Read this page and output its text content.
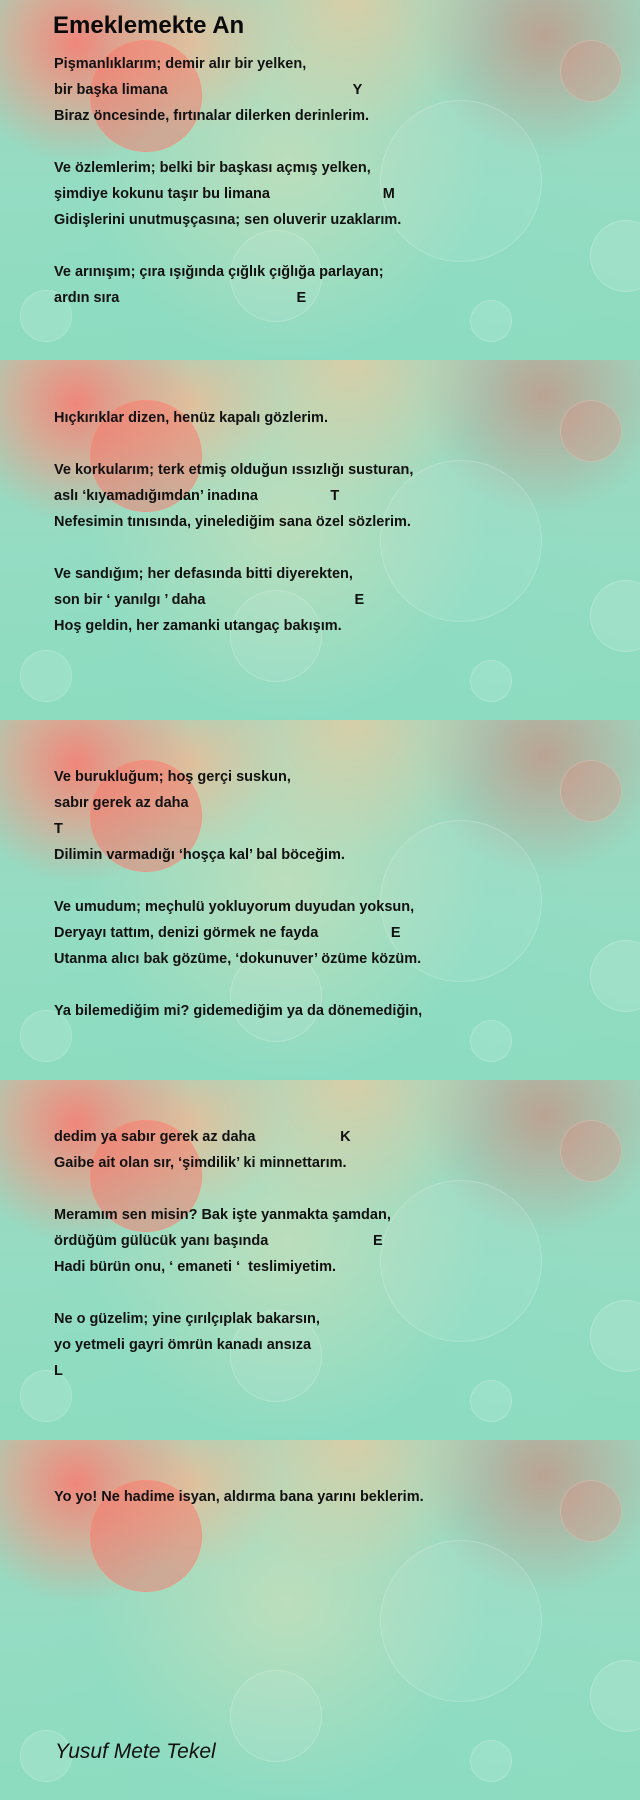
Emeklemekte An
Pişmanlıklarım; demir alır bir yelken,
bir başka limana                                              Y
Biraz öncesinde, fırtınalar dilerken derinlerim.
Ve özlemlerim; belki bir başkası açmış yelken,
şimdiye kokunu taşır bu limana                            M
Gidişlerini unutmuşçasına; sen oluverir uzaklarım.
Ve arınışım; çıra ışığında çığlık çığlığa parlayan;
ardın sıra                                            E
Hıçkırıklar dizen, henüz kapalı gözlerim.
Ve korkularım; terk etmiş olduğun ıssızlığı susturan,
aslı ‘kıyamadığımdan’ inadına                  T
Nefesimin tınısında, yinelediğim sana özel sözlerim.
Ve sandığım; her defasında bitti diyerekten,
son bir ‘ yanılgı ’ daha                                     E
Hoş geldin, her zamanki utangaç bakışım.
Ve burukluğum; hoş gerçi suskun,
sabır gerek az daha
T
Dilimin varmadığı ‘hoşça kal’ bal böceğim.
Ve umudum; meçhulü yokluyorum duyudan yoksun,
Deryayı tattım, denizi görmek ne fayda                  E
Utanma alıcı bak gözüme, ‘dokunuver’ özüme közüm.
Ya bilemediğim mi? gidemediğim ya da dönemediğin,
dedim ya sabır gerek az daha                     K
Gaibe ait olan sır, ‘şimdilik’ ki minnettarım.
Meramım sen misin? Bak işte yanmakta şamdan,
ördüğüm gülücük yanı başında                          E
Hadi bürün onu, ‘ emaneti ‘  teslimiyetim.
Ne o güzelim; yine çırılçıplak bakarsın,
yo yetmeli gayri ömrün kanadı ansıza
L
Yo yo! Ne hadime isyan, aldırma bana yarını beklerim.

Yusuf Mete Tekel
